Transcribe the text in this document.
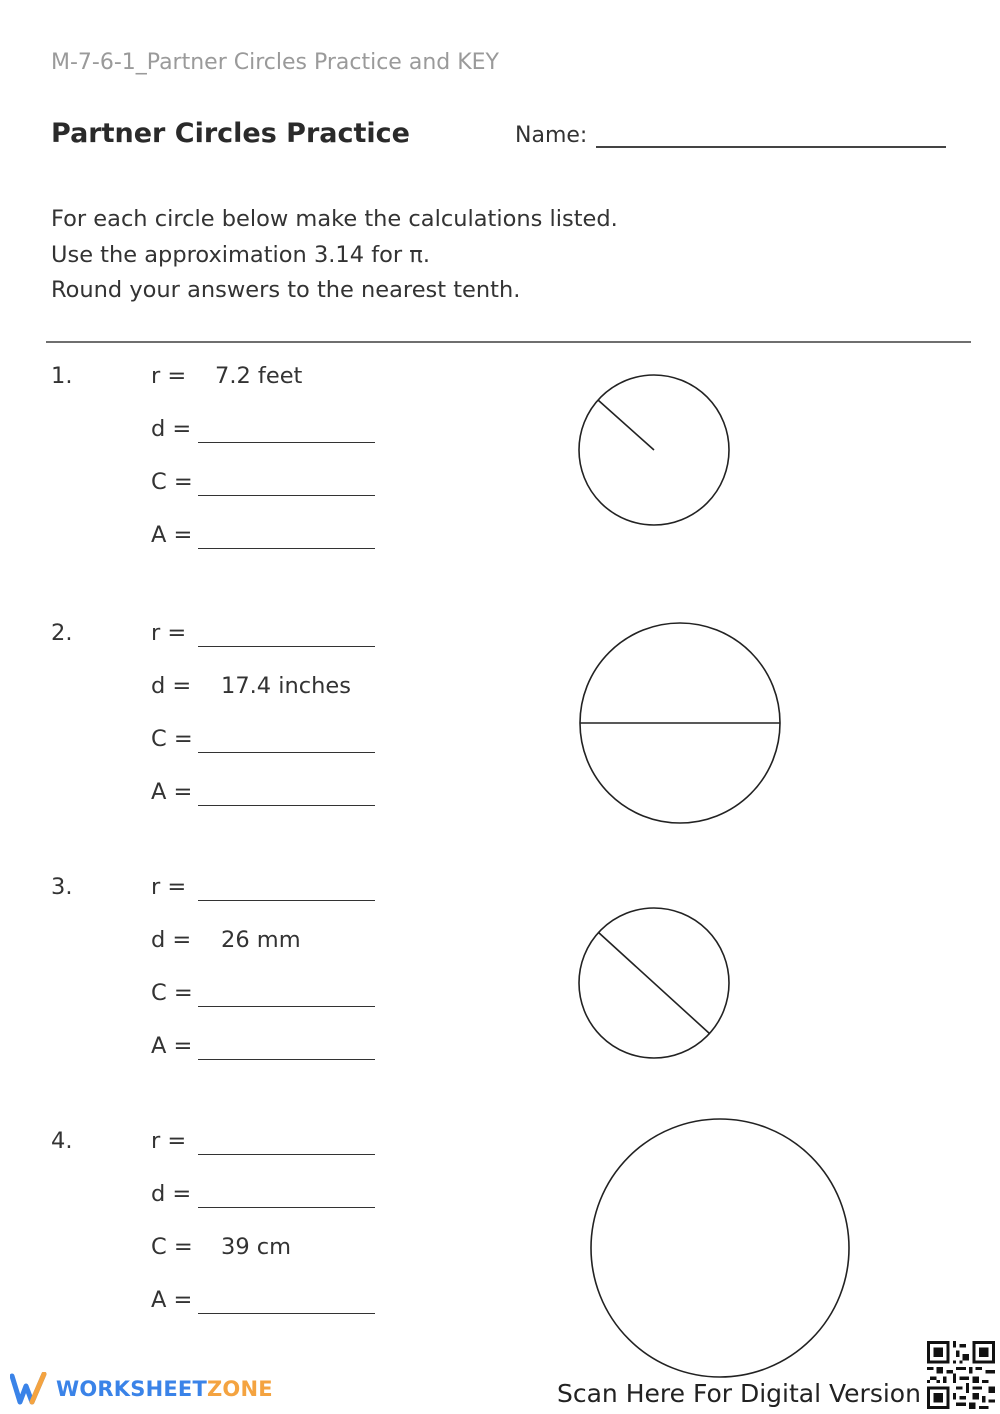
M-7-6-1_Partner Circles Practice and KEY
Partner Circles Practice	Name:
For each circle below make the calculations listed.
Use the approximation 3.14 for π.
Round your answers to the nearest tenth.
1.	r = 7.2 feet
d =
C =
A =
2.	r =
d = 17.4 inches
C =
A =
3.	r =
d = 26 mm
C =
A =
4.	r =
d =
C = 39 cm
A =
WORKSHEETZONE	Scan Here For Digital Version
